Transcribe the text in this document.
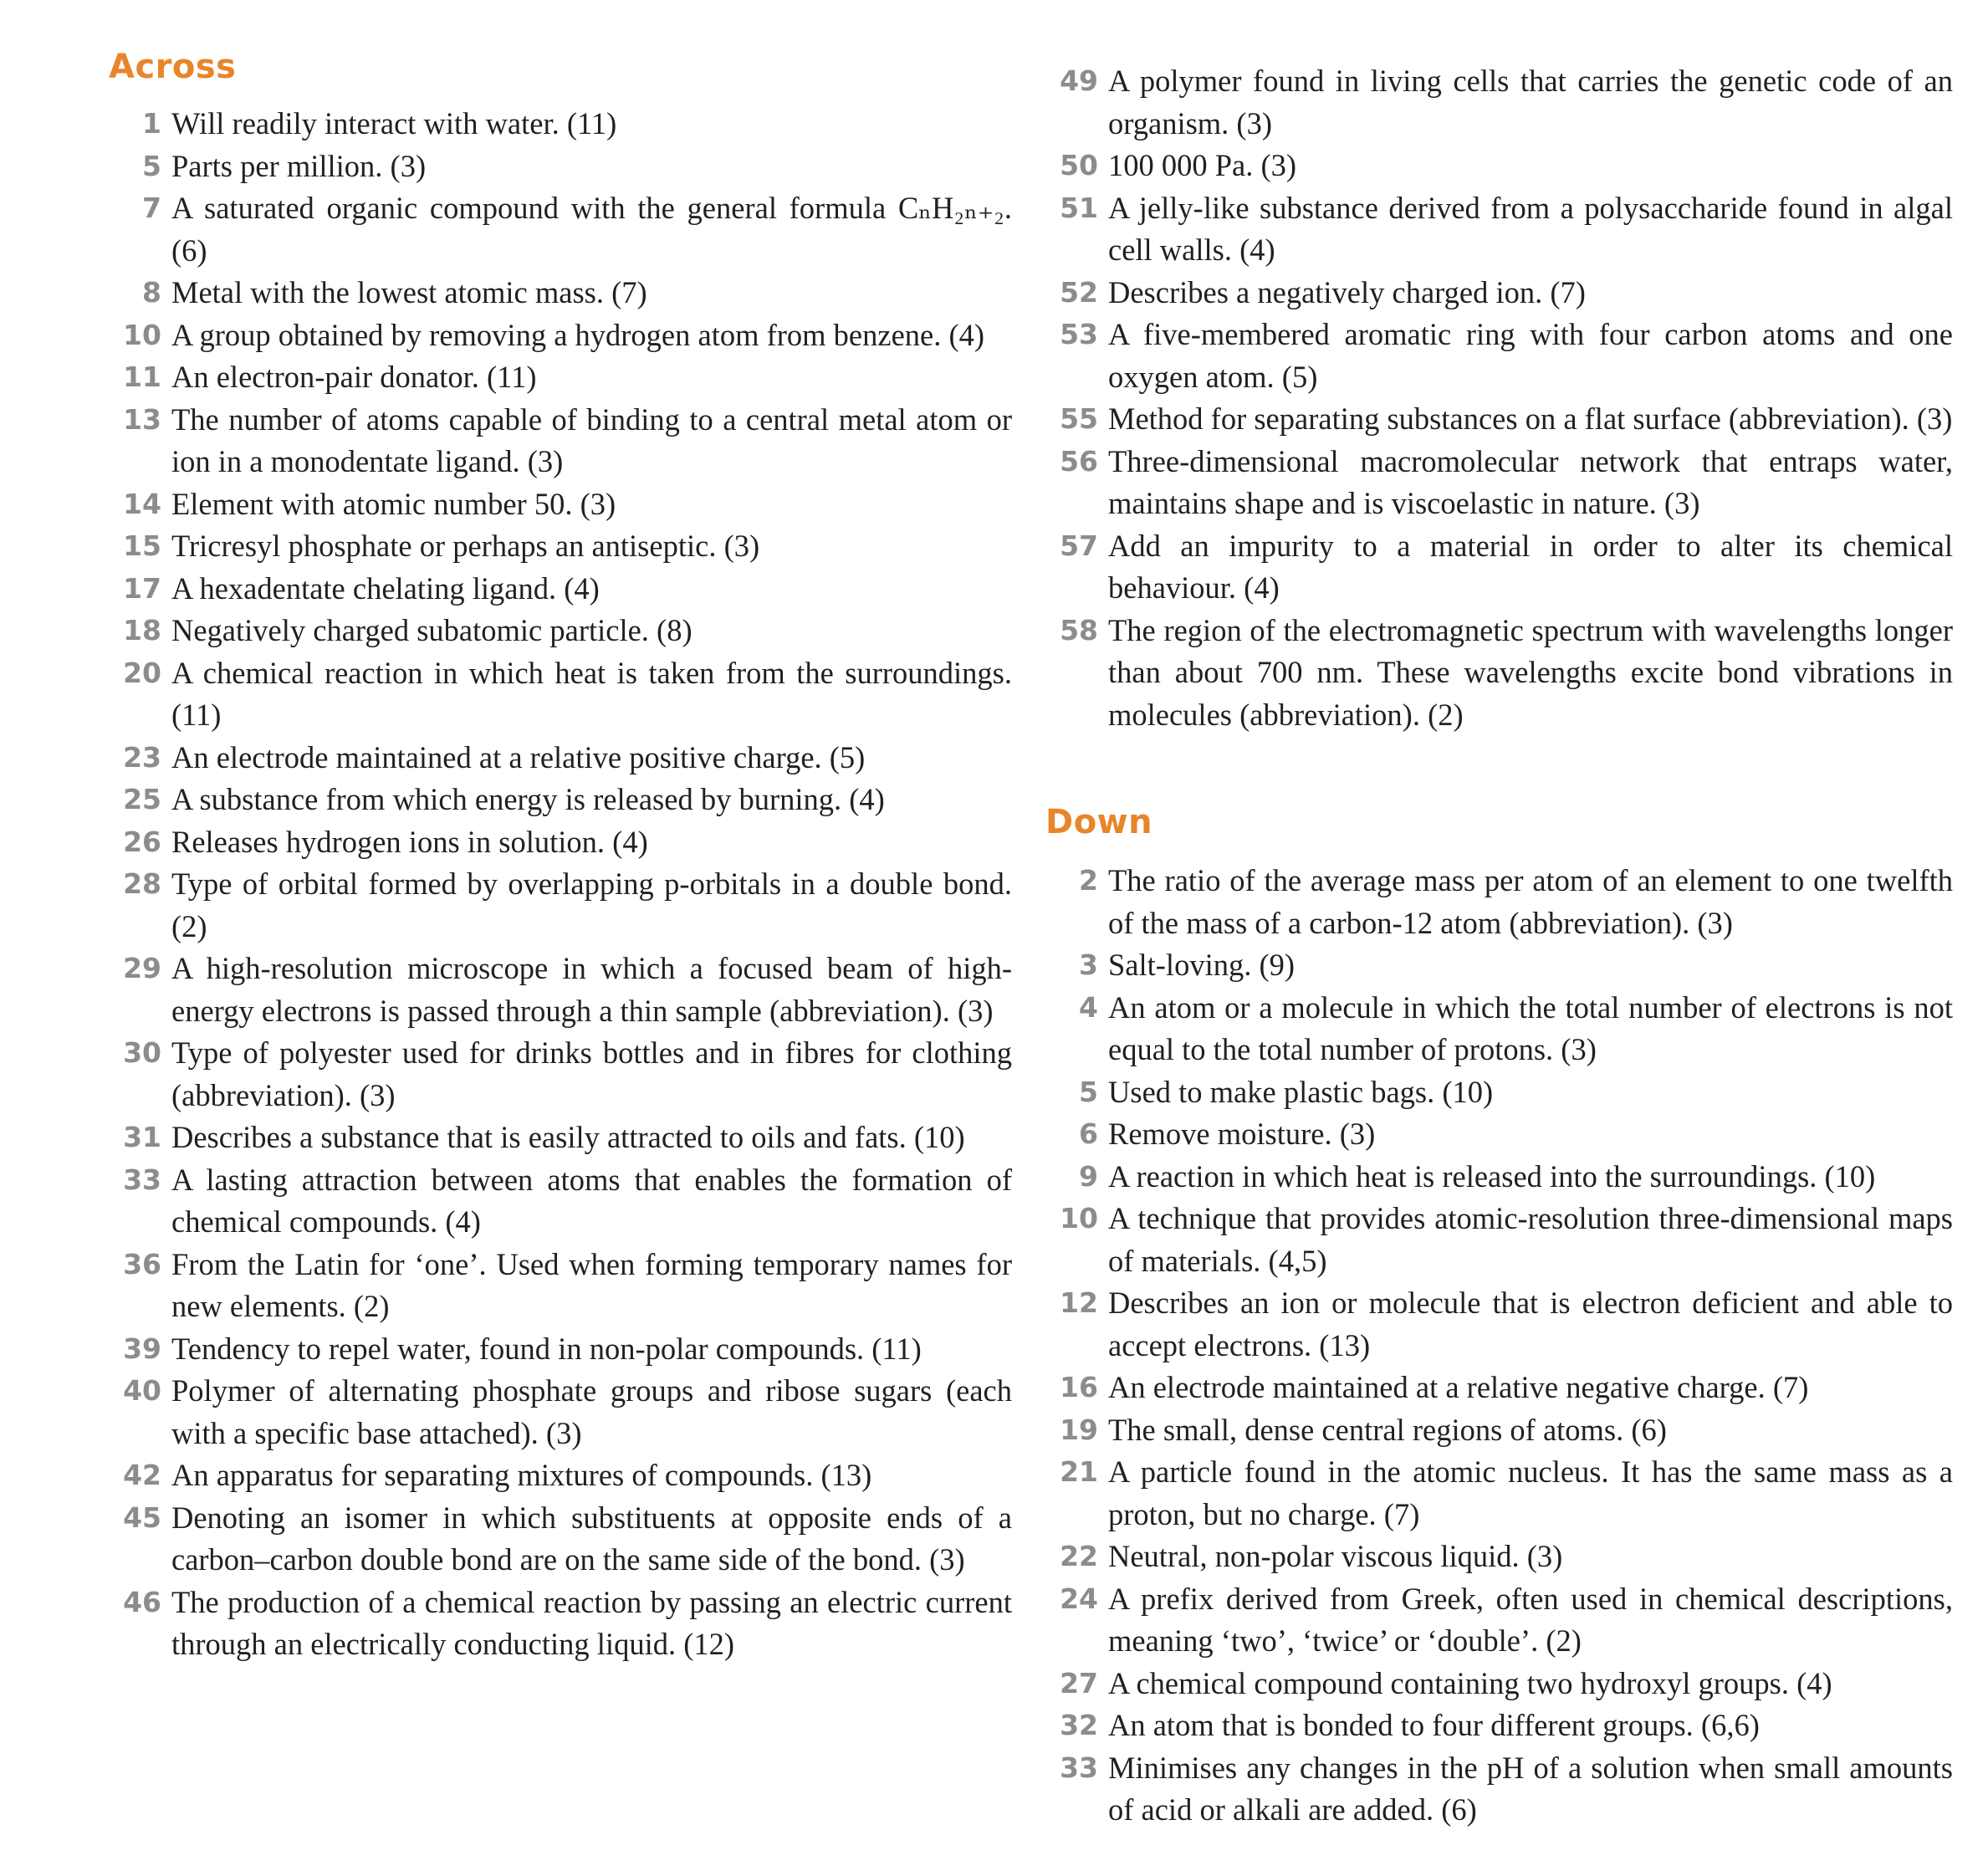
Across
1 Will readily interact with water. (11)
5 Parts per million. (3)
7 A saturated organic compound with the general formula CₙH₂ₙ₊₂. (6)
8 Metal with the lowest atomic mass. (7)
10 A group obtained by removing a hydrogen atom from benzene. (4)
11 An electron-pair donator. (11)
13 The number of atoms capable of binding to a central metal atom or ion in a monodentate ligand. (3)
14 Element with atomic number 50. (3)
15 Tricresyl phosphate or perhaps an antiseptic. (3)
17 A hexadentate chelating ligand. (4)
18 Negatively charged subatomic particle. (8)
20 A chemical reaction in which heat is taken from the surroundings. (11)
23 An electrode maintained at a relative positive charge. (5)
25 A substance from which energy is released by burning. (4)
26 Releases hydrogen ions in solution. (4)
28 Type of orbital formed by overlapping p-orbitals in a double bond. (2)
29 A high-resolution microscope in which a focused beam of high-energy electrons is passed through a thin sample (abbreviation). (3)
30 Type of polyester used for drinks bottles and in fibres for clothing (abbreviation). (3)
31 Describes a substance that is easily attracted to oils and fats. (10)
33 A lasting attraction between atoms that enables the formation of chemical compounds. (4)
36 From the Latin for ‘one’. Used when forming temporary names for new elements. (2)
39 Tendency to repel water, found in non-polar compounds. (11)
40 Polymer of alternating phosphate groups and ribose sugars (each with a specific base attached). (3)
42 An apparatus for separating mixtures of compounds. (13)
45 Denoting an isomer in which substituents at opposite ends of a carbon–carbon double bond are on the same side of the bond. (3)
46 The production of a chemical reaction by passing an electric current through an electrically conducting liquid. (12)
49 A polymer found in living cells that carries the genetic code of an organism. (3)
50 100 000 Pa. (3)
51 A jelly-like substance derived from a polysaccharide found in algal cell walls. (4)
52 Describes a negatively charged ion. (7)
53 A five-membered aromatic ring with four carbon atoms and one oxygen atom. (5)
55 Method for separating substances on a flat surface (abbreviation). (3)
56 Three-dimensional macromolecular network that entraps water, maintains shape and is viscoelastic in nature. (3)
57 Add an impurity to a material in order to alter its chemical behaviour. (4)
58 The region of the electromagnetic spectrum with wavelengths longer than about 700 nm. These wavelengths excite bond vibrations in molecules (abbreviation). (2)
Down
2 The ratio of the average mass per atom of an element to one twelfth of the mass of a carbon-12 atom (abbreviation). (3)
3 Salt-loving. (9)
4 An atom or a molecule in which the total number of electrons is not equal to the total number of protons. (3)
5 Used to make plastic bags. (10)
6 Remove moisture. (3)
9 A reaction in which heat is released into the surroundings. (10)
10 A technique that provides atomic-resolution three-dimensional maps of materials. (4,5)
12 Describes an ion or molecule that is electron deficient and able to accept electrons. (13)
16 An electrode maintained at a relative negative charge. (7)
19 The small, dense central regions of atoms. (6)
21 A particle found in the atomic nucleus. It has the same mass as a proton, but no charge. (7)
22 Neutral, non-polar viscous liquid. (3)
24 A prefix derived from Greek, often used in chemical descriptions, meaning ‘two’, ‘twice’ or ‘double’. (2)
27 A chemical compound containing two hydroxyl groups. (4)
32 An atom that is bonded to four different groups. (6,6)
33 Minimises any changes in the pH of a solution when small amounts of acid or alkali are added. (6)
